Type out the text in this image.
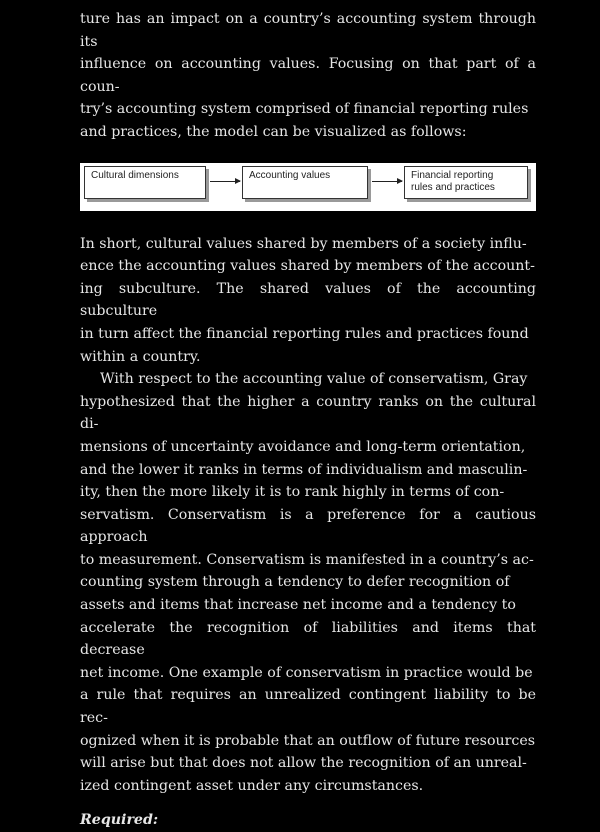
ture has an impact on a country’s accounting system through its
influence on accounting values. Focusing on that part of a coun-
try’s accounting system comprised of financial reporting rules
and practices, the model can be visualized as follows:

Cultural dimensions	Accounting values	Financial reporting
rules and practices

In short, cultural values shared by members of a society influ-
ence the accounting values shared by members of the account-
ing subculture. The shared values of the accounting subculture
in turn affect the financial reporting rules and practices found
within a country.

With respect to the accounting value of conservatism, Gray
hypothesized that the higher a country ranks on the cultural di-
mensions of uncertainty avoidance and long-term orientation,
and the lower it ranks in terms of individualism and masculin-
ity, then the more likely it is to rank highly in terms of con-
servatism. Conservatism is a preference for a cautious approach
to measurement. Conservatism is manifested in a country’s ac-
counting system through a tendency to defer recognition of
assets and items that increase net income and a tendency to
accelerate the recognition of liabilities and items that decrease
net income. One example of conservatism in practice would be
a rule that requires an unrealized contingent liability to be rec-
ognized when it is probable that an outflow of future resources
will arise but that does not allow the recognition of an unreal-
ized contingent asset under any circumstances.

Required:
